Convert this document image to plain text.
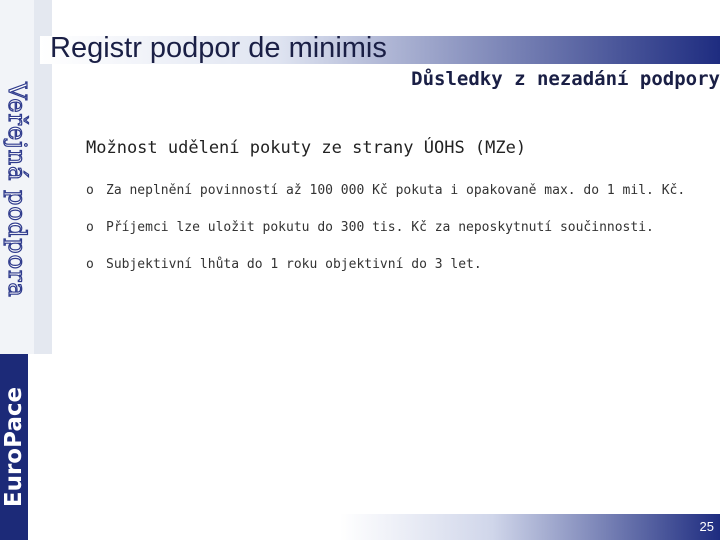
Veřejná podpora
EuroPace
Registr podpor de minimis
Důsledky z nezadání podpory
Možnost udělení pokuty ze strany ÚOHS (MZe)
o Za neplnění povinností až 100 000 Kč pokuta i opakovaně max. do 1 mil. Kč.
o Příjemci lze uložit pokutu do 300 tis. Kč za neposkytnutí součinnosti.
o Subjektivní lhůta do 1 roku objektivní do 3 let.
25
